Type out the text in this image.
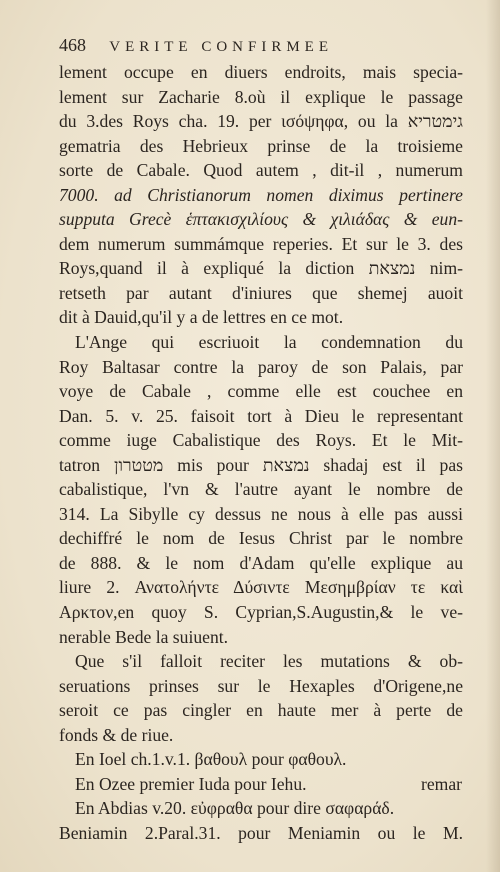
468 VERITE CONFIRMEE
lement occupe en diuers endroits, mais specia-
lement sur Zacharie 8.où il explique le passage
du 3.des Roys cha. 19. per ισόψηφα, ou la גימטריא
gematria des Hebrieux prinse de la troisieme
sorte de Cabale. Quod autem , dit-il , numerum
7000. ad Christianorum nomen diximus pertinere
supputa Grecè ἑπτακισχιλίους & χιλιάδας & eun-
dem numerum summámque reperies. Et sur le 3. des
Roys,quand il à expliqué la diction נמצאת nim-
retseth par autant d'iniures que shemej auoit
dit à Dauid,qu'il y a de lettres en ce mot.
L'Ange qui escriuoit la condemnation du
Roy Baltasar contre la paroy de son Palais, par
voye de Cabale , comme elle est couchee en
Dan. 5. v. 25. faisoit tort à Dieu le representant
comme iuge Cabalistique des Roys. Et le Mit-
tatron מטטרון mis pour נמצאת shadaj est il pas
cabalistique, l'vn & l'autre ayant le nombre de
314. La Sibylle cy dessus ne nous à elle pas aussi
dechiffré le nom de Iesus Christ par le nombre
de 888. & le nom d'Adam qu'elle explique au
liure 2. Ανατολήντε Δύσιντε Μεσημβρίαν τε καὶ
Αρκτον,en quoy S. Cyprian,S.Augustin,& le ve-
nerable Bede la suiuent.
Que s'il falloit reciter les mutations & ob-
seruations prinses sur le Hexaples d'Origene,ne
seroit ce pas cingler en haute mer à perte de
fonds & de riue.
En Ioel ch.1.v.1. βαθουλ pour φαθουλ.
En Ozee premier Iuda pour Iehu.
En Abdias v.20. εὐφραθα pour dire σαφαράδ.
Beniamin 2.Paral.31. pour Meniamin ou le M.
remar
